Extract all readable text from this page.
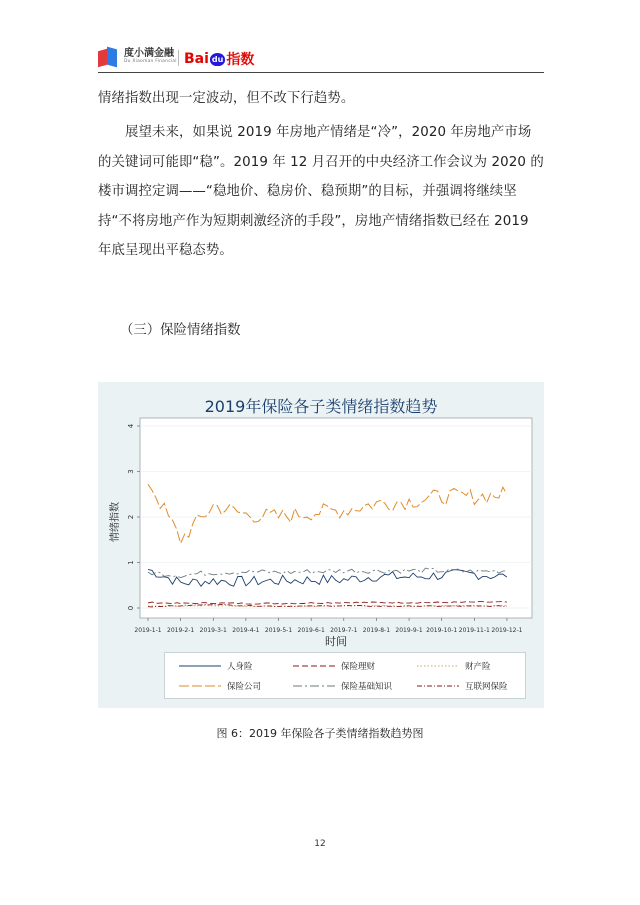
度小满金融
Du Xiaoman Financial Bai du 指数
情绪指数出现一定波动，但不改下行趋势。
展望未来，如果说 2019 年房地产情绪是“冷”，2020 年房地产市场的关键词可能即“稳”。2019 年 12 月召开的中央经济工作会议为 2020 的楼市调控定调——“稳地价、稳房价、稳预期”的目标，并强调将继续坚持“不将房地产作为短期刺激经济的手段”，房地产情绪指数已经在 2019 年底呈现出平稳态势。
（三）保险情绪指数
2019年保险各子类情绪指数趋势
0
1
2
3
4
2019-1-1 2019-2-1 2019-3-1 2019-4-1 2019-5-1 2019-6-1 2019-7-1 2019-8-1 2019-9-1 2019-10-1 2019-11-1 2019-12-1
情绪指数
时间
人身险	保险理财	财产险
保险公司	保险基础知识	互联网保险
图 6：2019 年保险各子类情绪指数趋势图
12
